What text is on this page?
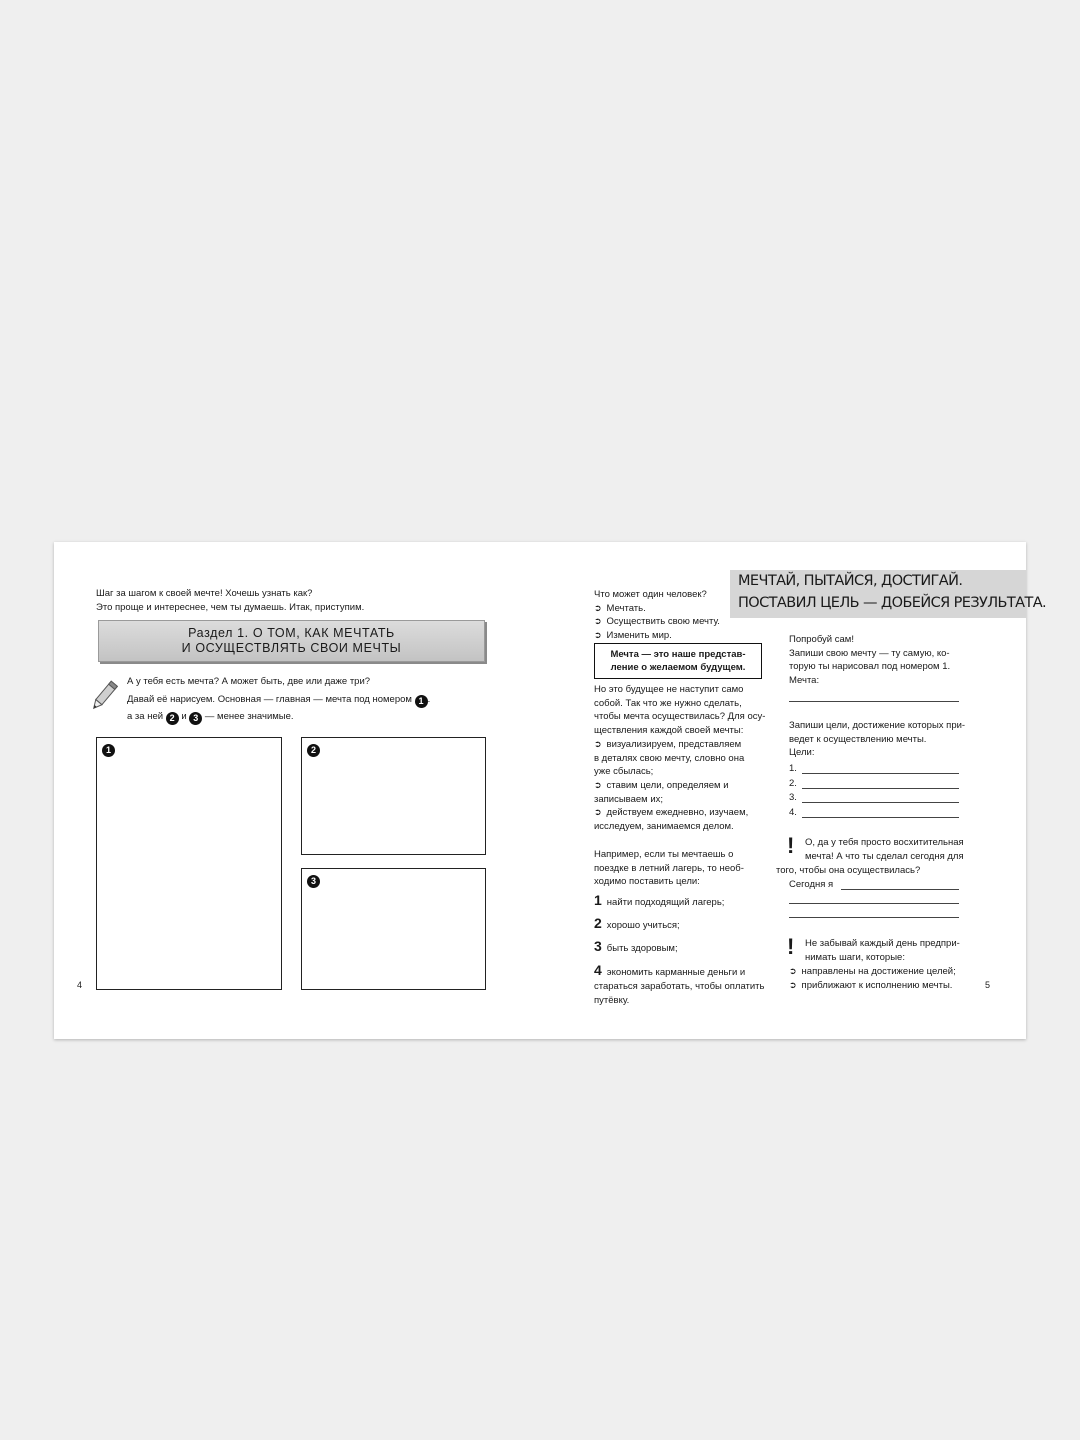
Шаг за шагом к своей мечте! Хочешь узнать как?
Это проще и интереснее, чем ты думаешь. Итак, приступим.
Раздел 1. О ТОМ, КАК МЕЧТАТЬ
И ОСУЩЕСТВЛЯТЬ СВОИ МЕЧТЫ
А у тебя есть мечта? А может быть, две или даже три?
Давай её нарисуем. Основная — главная — мечта под номером 1 .
а за ней 2 и 3 — менее значимые.
1	2
3
4
МЕЧТАЙ, ПЫТАЙСЯ, ДОСТИГАЙ.
ПОСТАВИЛ ЦЕЛЬ — ДОБЕЙСЯ РЕЗУЛЬТАТА.
Что может один человек?
➲ Мечтать.
➲ Осуществить свою мечту.
➲ Изменить мир.
Мечта — это наше представ-
ление о желаемом будущем.
Но это будущее не наступит само
собой. Так что же нужно сделать,
чтобы мечта осуществилась? Для осу-
ществления каждой своей мечты:
➲ визуализируем, представляем
в деталях свою мечту, словно она
уже сбылась;
➲ ставим цели, определяем и
записываем их;
➲ действуем ежедневно, изучаем,
исследуем, занимаемся делом.
Например, если ты мечтаешь о
поездке в летний лагерь, то необ-
ходимо поставить цели:
1 найти подходящий лагерь;
2 хорошо учиться;
3 быть здоровым;
4 экономить карманные деньги и
стараться заработать, чтобы оплатить
путёвку.
Попробуй сам!
Запиши свою мечту — ту самую, ко-
торую ты нарисовал под номером 1.
Мечта:
Запиши цели, достижение которых при-
ведет к осуществлению мечты.
Цели:
1.
2.
3.
4.
! О, да у тебя просто восхитительная
мечта! А что ты сделал сегодня для
того, чтобы она осуществилась?
Сегодня я
! Не забывай каждый день предпри-
нимать шаги, которые:
➲ направлены на достижение целей;
➲ приближают к исполнению мечты.	5
